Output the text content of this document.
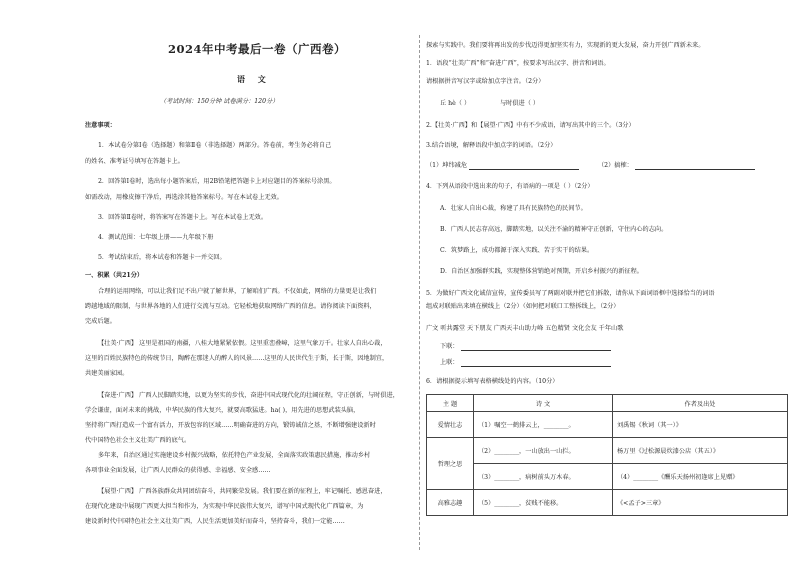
2024年中考最后一卷（广西卷）
语 文
（考试时间：150分钟 试卷满分：120分）
注意事项：
1．本试卷分第Ⅰ卷（选择题）和第Ⅱ卷（非选择题）两部分。答卷前，考生务必将自己
的姓名、准考证号填写在答题卡上。
2．回答第Ⅰ卷时，选出每小题答案后，用2B铅笔把答题卡上对应题目的答案标号涂黑。
如需改动，用橡皮擦干净后，再选涂其他答案标号。写在本试卷上无效。
3．回答第Ⅱ卷时，将答案写在答题卡上。写在本试卷上无效。
4．测试范围：七年级上册——九年级下册
5．考试结束后，将本试卷和答题卡一并交回。
一、积累（共21分）
合理的运用网络，可以让我们足不出户就了解世界，了解咱们广西。不仅如此，网络的力量更是让我们
跨越地域的限制，与世界各地的人们进行交流与互动。它轻松地获取网络广西的信息。请你阅读下面资料，
完成后题。
【壮美·广西】 这里是祖国的南疆，八桂大地紧紧依偎。这里重峦叠嶂，这里气象万千。壮家人自出心裁，
这里的百姓民族特色的传统节日，陶醉在那迷人的醉人的风景……这里的人民世代生于斯，长于斯，因地制宜，
共建美丽家园。
【奋进·广西】 广西人民脚踏实地，以更为坚实的步伐，奋进中国式现代化的壮阔征程，守正创新，与时俱进，
学会谦虚，面对未来的挑战，中华民族的伟大复兴，就要高歌猛进。ha( )，用先进的思想武装头脑，
坚持将广西打造成一个富有活力，开放包容的区域……明确奋进的方向，锻铸诚信之基，不断增强建设新时
代中国特色社会主义壮美广西的底气。
多年来，自治区通过实施建设乡村振兴战略，依托特色产业发展，全面落实政策惠民措施，推动乡村
各项事业全面发展，让广西人民群众的获得感、幸福感、安全感……
【展望·广西】 广西各族群众共同团结奋斗，共同繁荣发展。我们要在新的征程上，牢记嘱托、感恩奋进，
在现代化建设中展现广西更大担当和作为，为实现中华民族伟大复兴，谱写中国式现代化广西篇章，为
建设新时代中国特色社会主义壮美广西，人民生活更加美好而奋斗，坚持奋斗，我们一定能……
探索与实践中。我们要将再出发的步伐迈得更加坚实有力，实现新的更大发展，奋力开创广西新未来。
1．语段“壮美广西”和“奋进广西”，按要求写出汉字、拼音和词语。
请根据拼音写汉字或给加点字注音。（2分）
丘 hè（ ）	与时俱进（ ）
2.【壮美·广西】和【展望·广西】中有不少成语，请写出其中的三个。（3分）
3.结合语境，解释语段中加点字的词语。（2分）
（1）坤纬减危	（2）搞榷：
4．下列从语段中选出来的句子，有语病的一项是（ ）（2分）
A．壮家人自出心裁，称建了具有民族特色的民间节。
B．广西人民志存高远，脚踏实地，以关注不渝的精神守正创新，守住内心的志向。
C．筑梦路上，成功都源于深入实践、苦于实干的结果。
D．自治区加强群实践，实现整体营销绝对预期，开启乡村振兴的新征程。
5．为做好广西文化诚信宣传，宣传委员写了两副对联并把它们拆散，请你从下面词语框中选择恰当的词语
组成对联贴出来填在横线上（2分）（如何把对联口工整拆线上，（2分）
广文 听共露堂 天下朋友 广西天丰山助力峰 五色精贤 文化会友 千年山歌
下联：
上联：
6．请根据提示填写表格横线处的内容。（10分）
主 题	诗 文	作者及出处
爱情壮志	（1）嘱空一鹤排云上，________。	刘禹锡《秋词（其一）》
哲理之思	（2）________，一山放出一山拦。	杨万里《过松源晨炊漆公店（其五）》
	（3）________，病树前头万木春。	（4）________《酬乐天扬州初逢席上见赠》
高雅志趣	（5）________，贫贱不能移。	《<孟子>三章》
